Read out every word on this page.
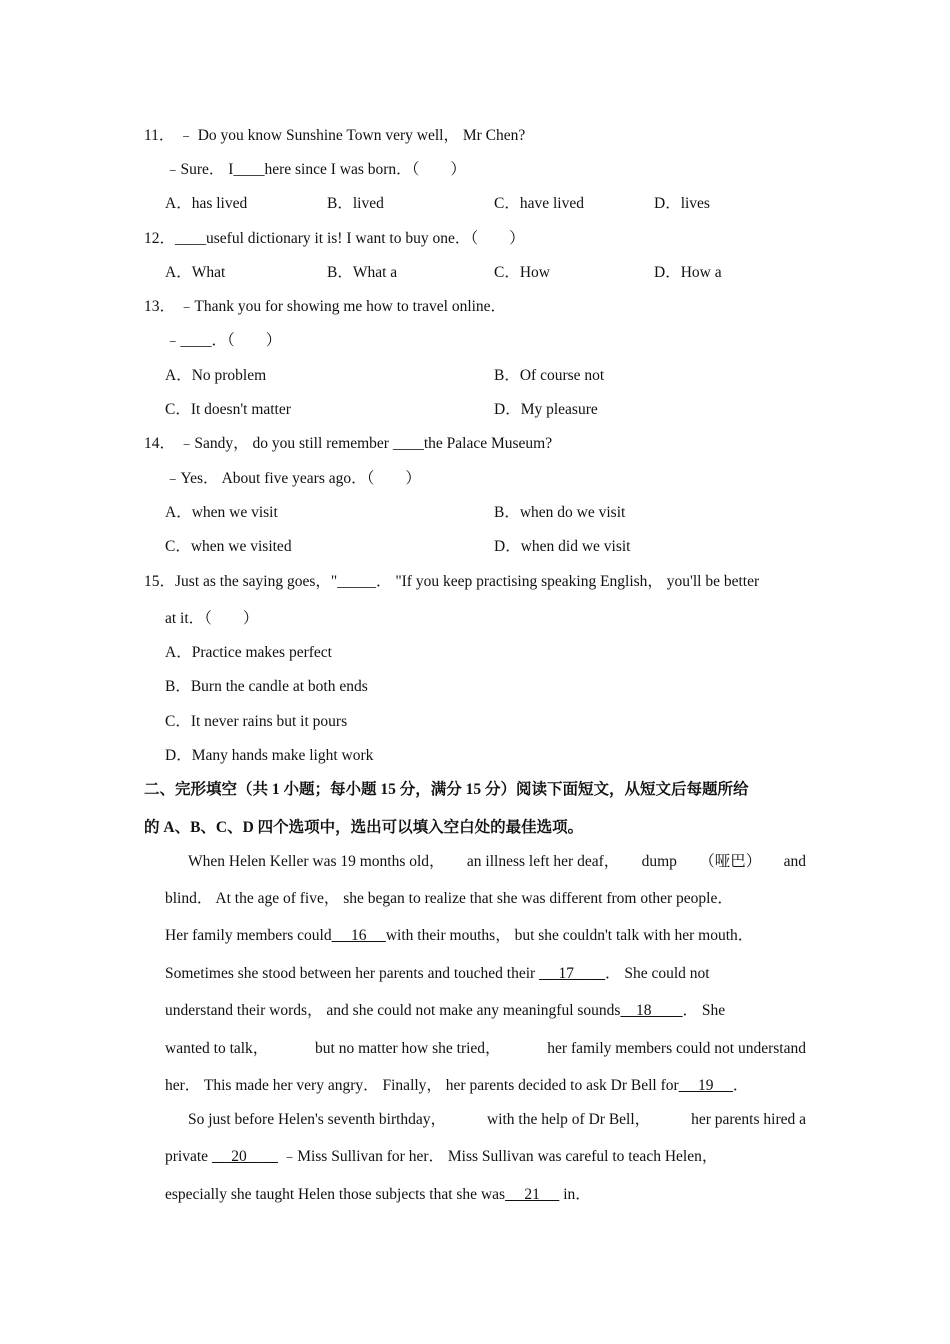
11． ﹣ Do you know Sunshine Town very well， Mr Chen?
﹣Sure． I____here since I was born．（　　）
A．has lived	B．lived	C．have lived	D．lives
12．____useful dictionary it is! I want to buy one．（　　）
A．What	B．What a	C．How	D．How a
13． ﹣Thank you for showing me how to travel online．
﹣____．（　　）
A．No problem	B．Of course not
C．It doesn't matter	D．My pleasure
14． ﹣Sandy， do you still remember ____the Palace Museum?
﹣Yes． About five years ago．（　　）
A．when we visit	B．when do we visit
C．when we visited	D．when did we visit
15．Just as the saying goes，"_____． "If you keep practising speaking English， you'll be better
at it．（　　）
A．Practice makes perfect
B．Burn the candle at both ends
C．It never rains but it pours
D．Many hands make light work
二、完形填空（共 1 小题；每小题 15 分，满分 15 分）阅读下面短文，从短文后每题所给
的 A、B、C、D 四个选项中，选出可以填入空白处的最佳选项。
When Helen Keller was 19 months old， an illness left her deaf， dump （哑巴） and
blind． At the age of five， she began to realize that she was different from other people．
Her family members could　 16　 with their mouths， but she couldn't talk with her mouth．
Sometimes she stood between her parents and touched their 　 17　__． She could not
understand their words， and she could not make any meaningful sounds　18　__． She
wanted to talk，	but no matter how she tried，	her family members could not understand
her． This made her very angry． Finally， her parents decided to ask Dr Bell for　 19　 ．
So just before Helen's seventh birthday，	with the help of Dr Bell，	her parents hired a
private 　 20　__ ﹣Miss Sullivan for her． Miss Sullivan was careful to teach Helen，
especially she taught Helen those subjects that she was　 21　  in．
